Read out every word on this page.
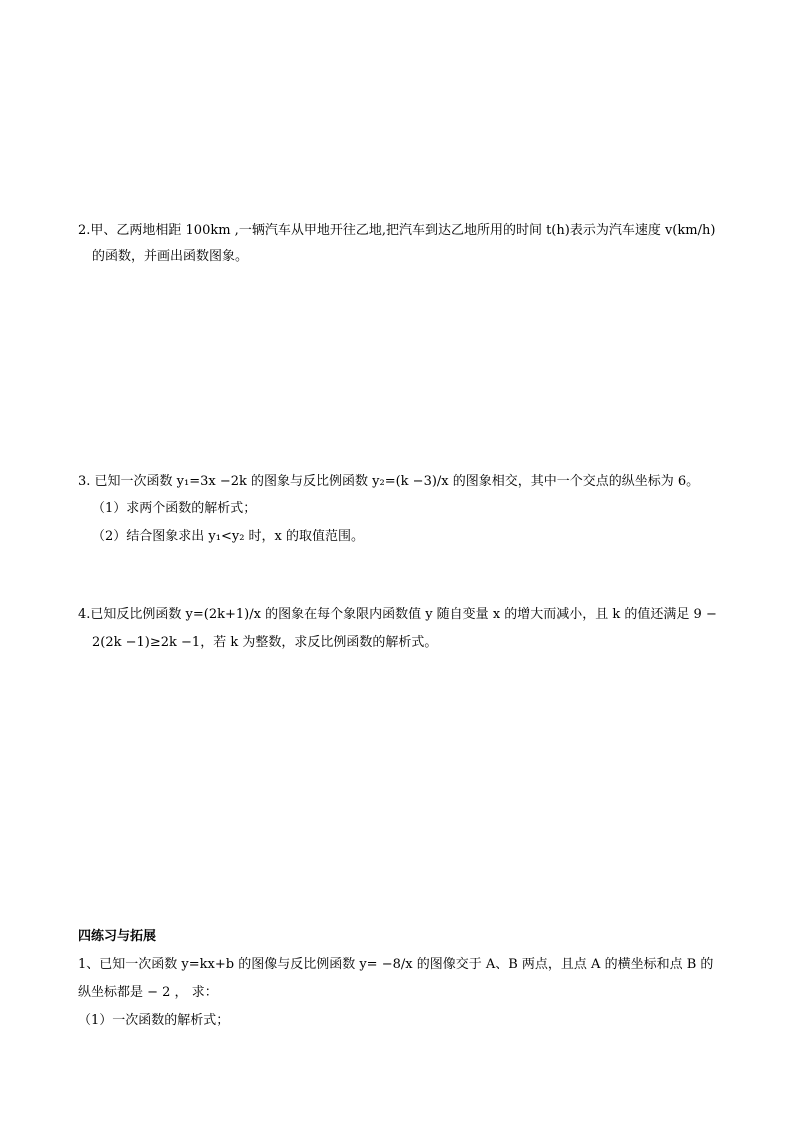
2.甲、乙两地相距 100km ,一辆汽车从甲地开往乙地,把汽车到达乙地所用的时间 t(h)表示为汽车速度 v(km/h)
的函数，并画出函数图象。
3. 已知一次函数 y₁=3x −2k 的图象与反比例函数 y₂=(k −3)/x 的图象相交，其中一个交点的纵坐标为 6。
（1）求两个函数的解析式；
（2）结合图象求出 y₁<y₂ 时，x 的取值范围。
4.已知反比例函数 y=(2k+1)/x 的图象在每个象限内函数值 y 随自变量 x 的增大而减小，且 k 的值还满足 9 −
2(2k −1)≥2k −1，若 k 为整数，求反比例函数的解析式。
四练习与拓展
1、已知一次函数 y=kx+b 的图像与反比例函数 y= −8/x 的图像交于 A、B 两点，且点 A 的横坐标和点 B 的
纵坐标都是 − 2 ， 求：
（1）一次函数的解析式；
